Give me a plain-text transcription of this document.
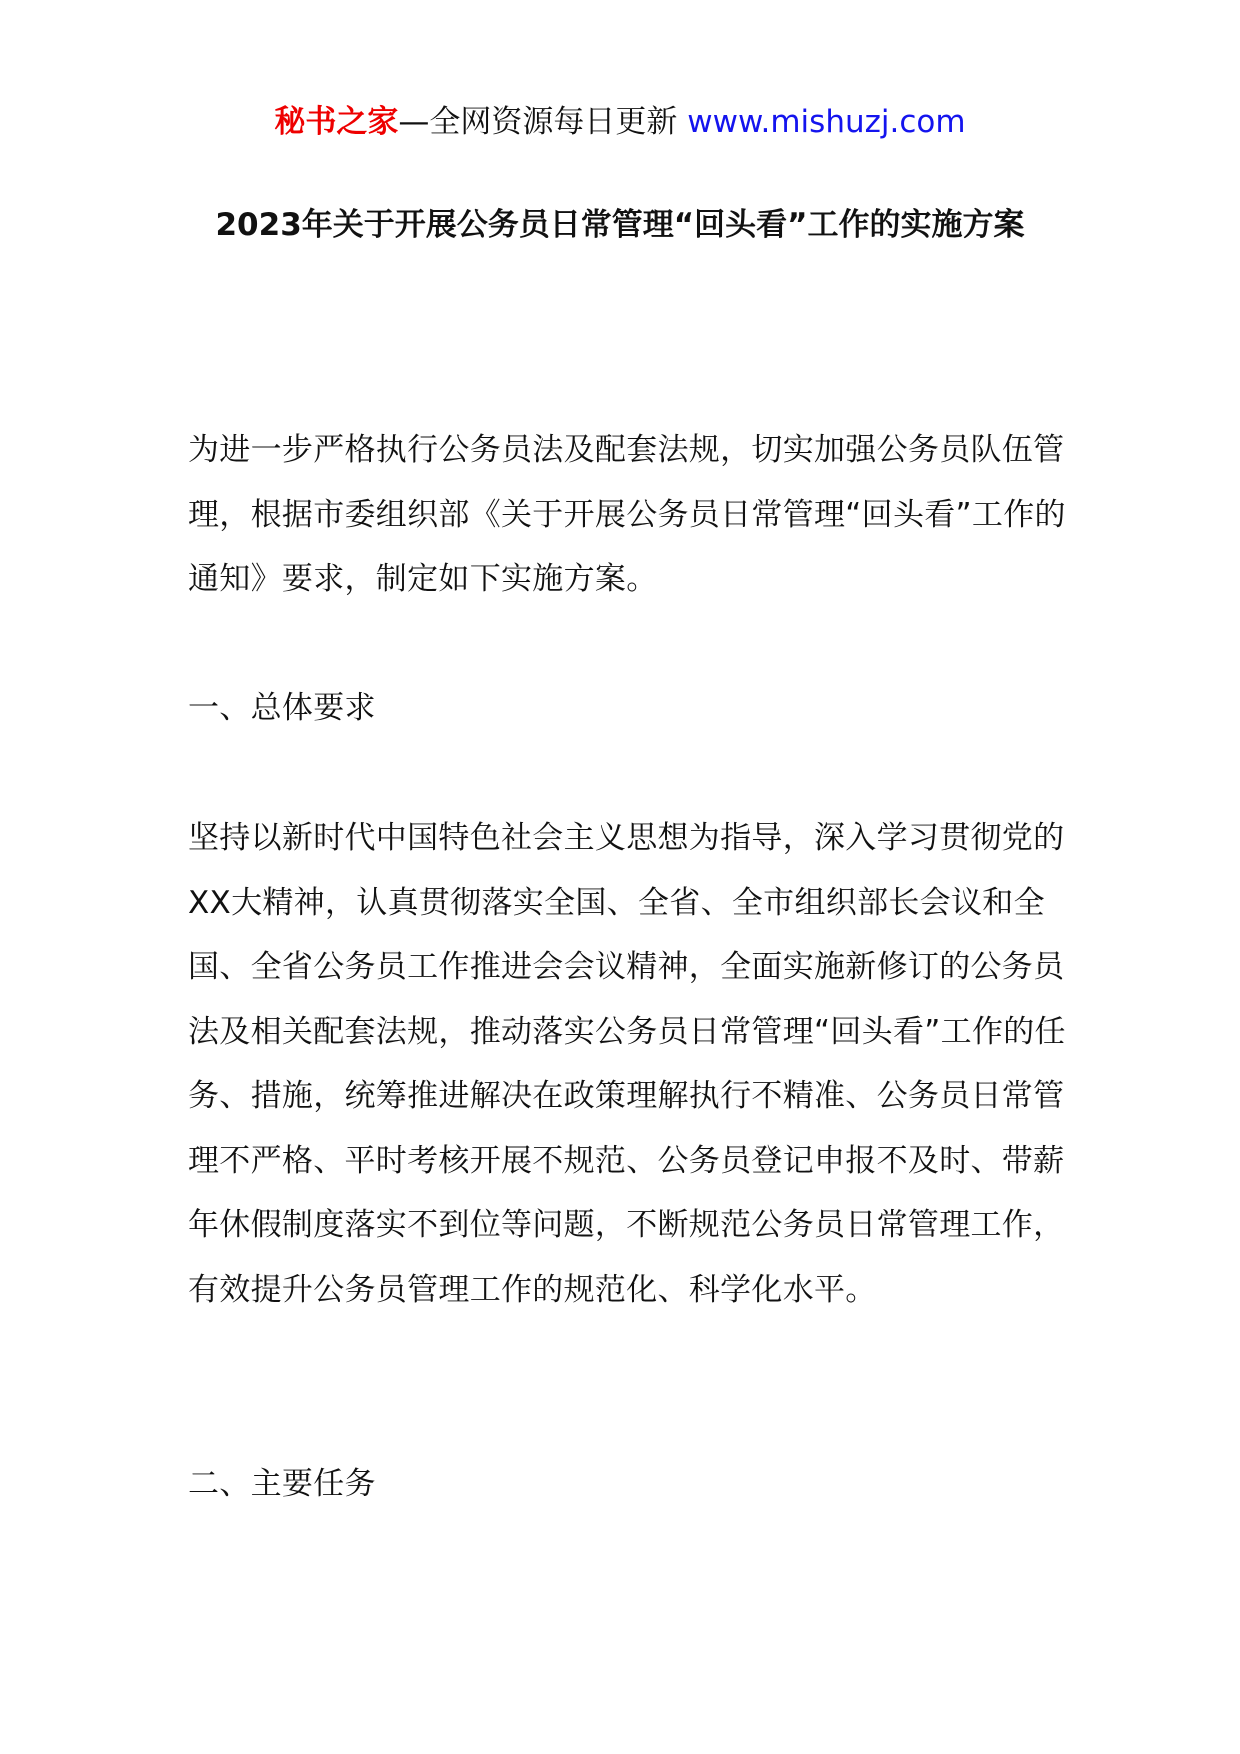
秘书之家—全网资源每日更新 www.mishuzj.com
2023年关于开展公务员日常管理“回头看”工作的实施方案

为进一步严格执行公务员法及配套法规，切实加强公务员队伍管理，根据市委组织部《关于开展公务员日常管理“回头看”工作的通知》要求，制定如下实施方案。

一、总体要求

坚持以新时代中国特色社会主义思想为指导，深入学习贯彻党的XX大精神，认真贯彻落实全国、全省、全市组织部长会议和全国、全省公务员工作推进会会议精神，全面实施新修订的公务员法及相关配套法规，推动落实公务员日常管理“回头看”工作的任务、措施，统筹推进解决在政策理解执行不精准、公务员日常管理不严格、平时考核开展不规范、公务员登记申报不及时、带薪年休假制度落实不到位等问题，不断规范公务员日常管理工作，有效提升公务员管理工作的规范化、科学化水平。

二、主要任务
